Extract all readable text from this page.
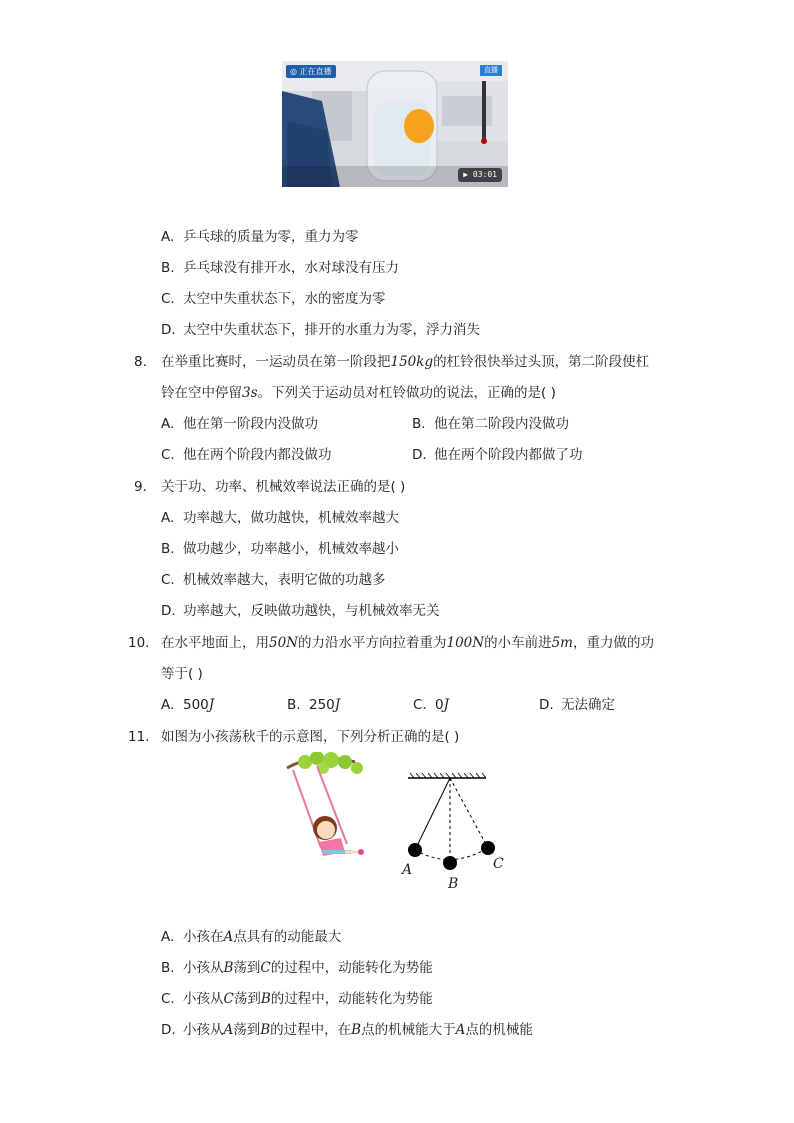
◎ 正在直播	直播
▶ 03:01
A. 乒乓球的质量为零，重力为零
B. 乒乓球没有排开水，水对球没有压力
C. 太空中失重状态下，水的密度为零
D. 太空中失重状态下，排开的水重力为零，浮力消失
8. 在举重比赛时，一运动员在第一阶段把150kg的杠铃很快举过头顶，第二阶段使杠
铃在空中停留3s。下列关于运动员对杠铃做功的说法，正确的是( )
A. 他在第一阶段内没做功	B. 他在第二阶段内没做功
C. 他在两个阶段内都没做功	D. 他在两个阶段内都做了功
9. 关于功、功率、机械效率说法正确的是( )
A. 功率越大，做功越快，机械效率越大
B. 做功越少，功率越小，机械效率越小
C. 机械效率越大，表明它做的功越多
D. 功率越大，反映做功越快，与机械效率无关
10. 在水平地面上，用50N的力沿水平方向拉着重为100N的小车前进5m，重力做的功
等于( )
A. 500J	B. 250J	C. 0J	D. 无法确定
11. 如图为小孩荡秋千的示意图，下列分析正确的是( )
A
B
C
A. 小孩在A点具有的动能最大
B. 小孩从B荡到C的过程中，动能转化为势能
C. 小孩从C荡到B的过程中，动能转化为势能
D. 小孩从A荡到B的过程中，在B点的机械能大于A点的机械能
